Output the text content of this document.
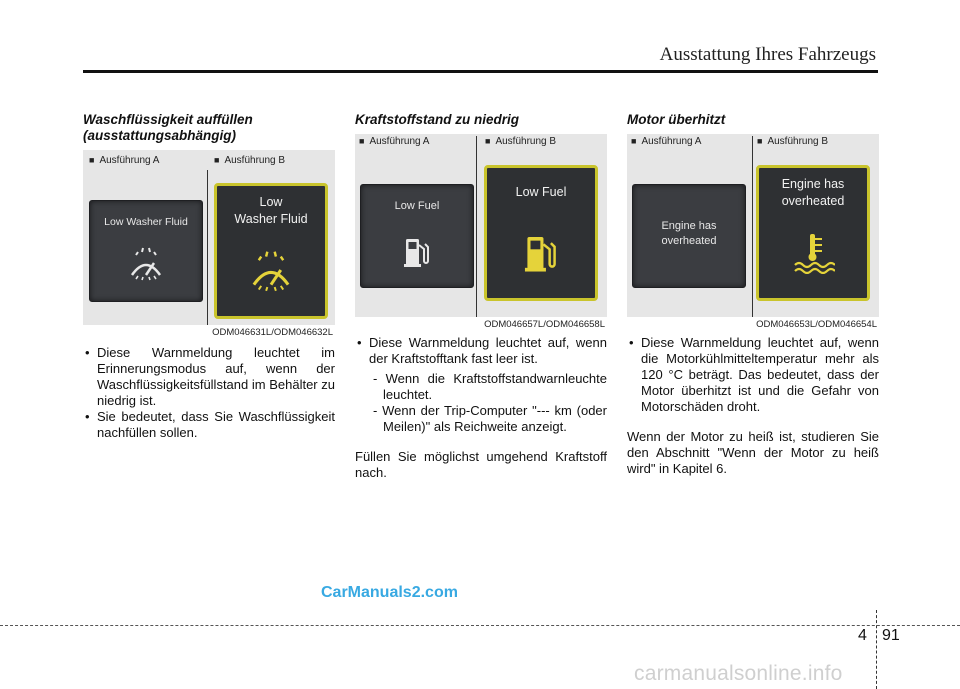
Ausstattung Ihres Fahrzeugs

Waschflüssigkeit auffüllen
(ausstattungsabhängig)

■ Ausführung A	■ Ausführung B
Low Washer Fluid
Low
Washer Fluid
ODM046631L/ODM046632L
• Diese Warnmeldung leuchtet im Erinnerungsmodus auf, wenn der Waschflüssigkeitsfüllstand im Behälter zu niedrig ist.
• Sie bedeutet, dass Sie Waschflüssigkeit nachfüllen sollen.

Kraftstoffstand zu niedrig

■ Ausführung A	■ Ausführung B
Low Fuel
Low Fuel
ODM046657L/ODM046658L
• Diese Warnmeldung leuchtet auf, wenn der Kraftstofftank fast leer ist.
- Wenn die Kraftstoffstandwarnleuchte leuchtet.
- Wenn der Trip-Computer "--- km (oder Meilen)" als Reichweite anzeigt.

Füllen Sie möglichst umgehend Kraftstoff nach.

Motor überhitzt

■ Ausführung A	■ Ausführung B
Engine has
overheated
Engine has
overheated
ODM046653L/ODM046654L
• Diese Warnmeldung leuchtet auf, wenn die Motorkühlmitteltemperatur mehr als 120 °C beträgt. Das bedeutet, dass der Motor überhitzt ist und die Gefahr von Motorschäden droht.

Wenn der Motor zu heiß ist, studieren Sie den Abschnitt "Wenn der Motor zu heiß wird" in Kapitel 6.

CarManuals2.com
4 91
carmanualsonline.info
